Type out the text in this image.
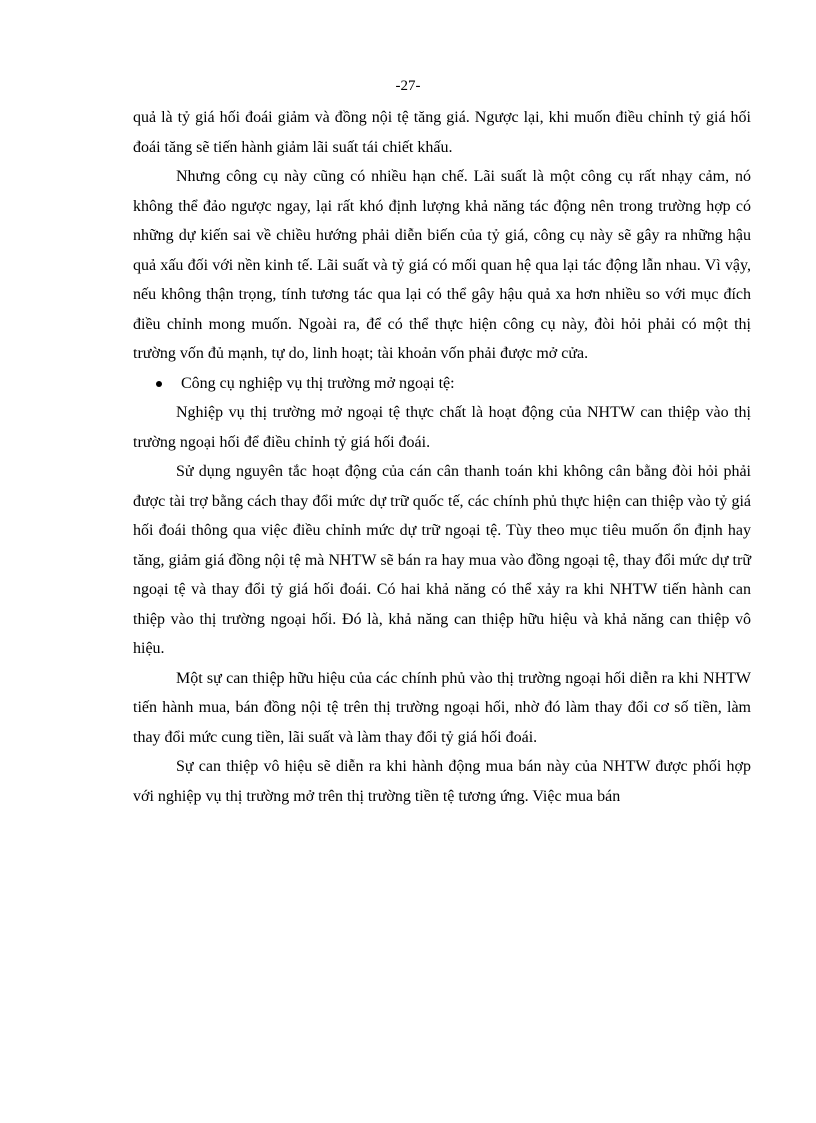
-27-

quả là tỷ giá hối đoái giảm và đồng nội tệ tăng giá. Ngược lại, khi muốn điều chỉnh tỷ giá hối đoái tăng sẽ tiến hành giảm lãi suất tái chiết khấu.

Nhưng công cụ này cũng có nhiều hạn chế. Lãi suất là một công cụ rất nhạy cảm, nó không thể đảo ngược ngay, lại rất khó định lượng khả năng tác động nên trong trường hợp có những dự kiến sai về chiều hướng phải diễn biến của tỷ giá, công cụ này sẽ gây ra những hậu quả xấu đối với nền kinh tế. Lãi suất và tỷ giá có mối quan hệ qua lại tác động lẫn nhau. Vì vậy, nếu không thận trọng, tính tương tác qua lại có thể gây hậu quả xa hơn nhiều so với mục đích điều chỉnh mong muốn. Ngoài ra, để có thể thực hiện công cụ này, đòi hỏi phải có một thị trường vốn đủ mạnh, tự do, linh hoạt; tài khoản vốn phải được mở cửa.

Công cụ nghiệp vụ thị trường mở ngoại tệ:

Nghiệp vụ thị trường mở ngoại tệ thực chất là hoạt động của NHTW can thiệp vào thị trường ngoại hối để điều chỉnh tỷ giá hối đoái.

Sử dụng nguyên tắc hoạt động của cán cân thanh toán khi không cân bằng đòi hỏi phải được tài trợ bằng cách thay đổi mức dự trữ quốc tế, các chính phủ thực hiện can thiệp vào tỷ giá hối đoái thông qua việc điều chỉnh mức dự trữ ngoại tệ. Tùy theo mục tiêu muốn ổn định hay tăng, giảm giá đồng nội tệ mà NHTW sẽ bán ra hay mua vào đồng ngoại tệ, thay đổi mức dự trữ ngoại tệ và thay đổi tỷ giá hối đoái. Có hai khả năng có thể xảy ra khi NHTW tiến hành can thiệp vào thị trường ngoại hối. Đó là, khả năng can thiệp hữu hiệu và khả năng can thiệp vô hiệu.

Một sự can thiệp hữu hiệu của các chính phủ vào thị trường ngoại hối diễn ra khi NHTW tiến hành mua, bán đồng nội tệ trên thị trường ngoại hối, nhờ đó làm thay đổi cơ số tiền, làm thay đổi mức cung tiền, lãi suất và làm thay đổi tỷ giá hối đoái.

Sự can thiệp vô hiệu sẽ diễn ra khi hành động mua bán này của NHTW được phối hợp với nghiệp vụ thị trường mở trên thị trường tiền tệ tương ứng. Việc mua bán
